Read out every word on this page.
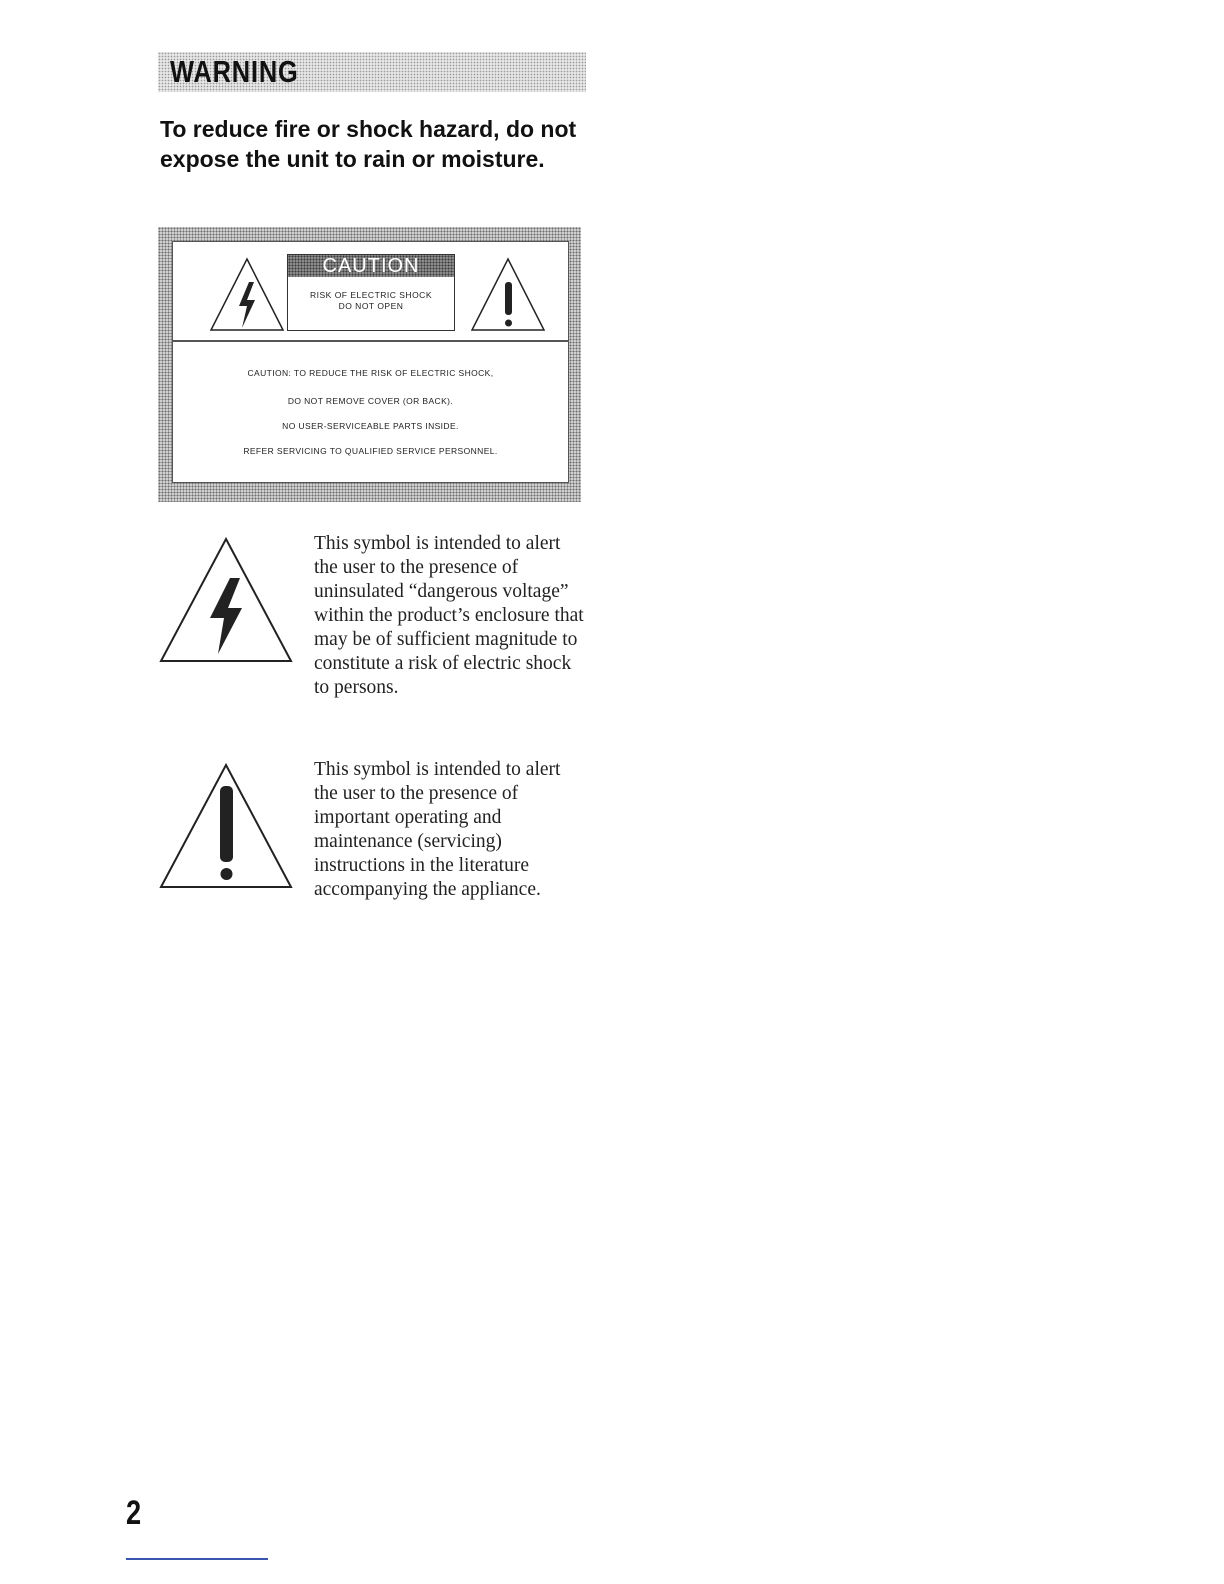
WARNING
To reduce fire or shock hazard, do not expose the unit to rain or moisture.
CAUTION
RISK OF ELECTRIC SHOCK
DO NOT OPEN
CAUTION: TO REDUCE THE RISK OF ELECTRIC SHOCK,
DO NOT REMOVE COVER (OR BACK).
NO USER-SERVICEABLE PARTS INSIDE.
REFER SERVICING TO QUALIFIED SERVICE PERSONNEL.
This symbol is intended to alert the user to the presence of uninsulated “dangerous voltage” within the product’s enclosure that may be of sufficient magnitude to constitute a risk of electric shock to persons.
This symbol is intended to alert the user to the presence of important operating and maintenance (servicing) instructions in the literature accompanying the appliance.
2
